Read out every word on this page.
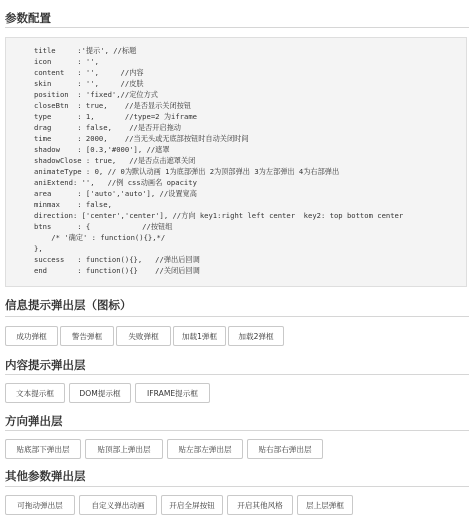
参数配置
title     :'提示', //标题
icon      : '',
content   : '',     //内容
skin      : '',     //皮肤
position  : 'fixed',//定位方式
closeBtn  : true,    //是否显示关闭按钮
type      : 1,       //type=2 为iframe
drag      : false,    //是否开启拖动
time      : 2000,    //当无头或无底部按钮时自动关闭时间
shadow    : [0.3,'#000'], //遮罩
shadowClose : true,   //是否点击遮罩关闭
animateType : 0, // 0为默认动画 1为底部弹出 2为顶部弹出 3为左部弹出 4为右部弹出
aniExtend: '',   //例 css动画名 opacity
area      : ['auto','auto'], //设置宽高
minmax    : false,
direction: ['center','center'], //方向 key1:right left center  key2: top bottom center
btns      : {            //按钮组
/* '确定' : function(){},*/
},
success   : function(){},   //弹出后回调
end       : function(){}    //关闭后回调
信息提示弹出层（图标）
成功弹框	警告弹框	失败弹框	加载1弹框	加载2弹框
内容提示弹出层
文本提示框	DOM提示框	IFRAME提示框
方向弹出层
贴底部下弹出层	贴顶部上弹出层	贴左部左弹出层	贴右部右弹出层
其他参数弹出层
可拖动弹出层	自定义弹出动画	开启全屏按钮	开启其他风格	层上层弹框
